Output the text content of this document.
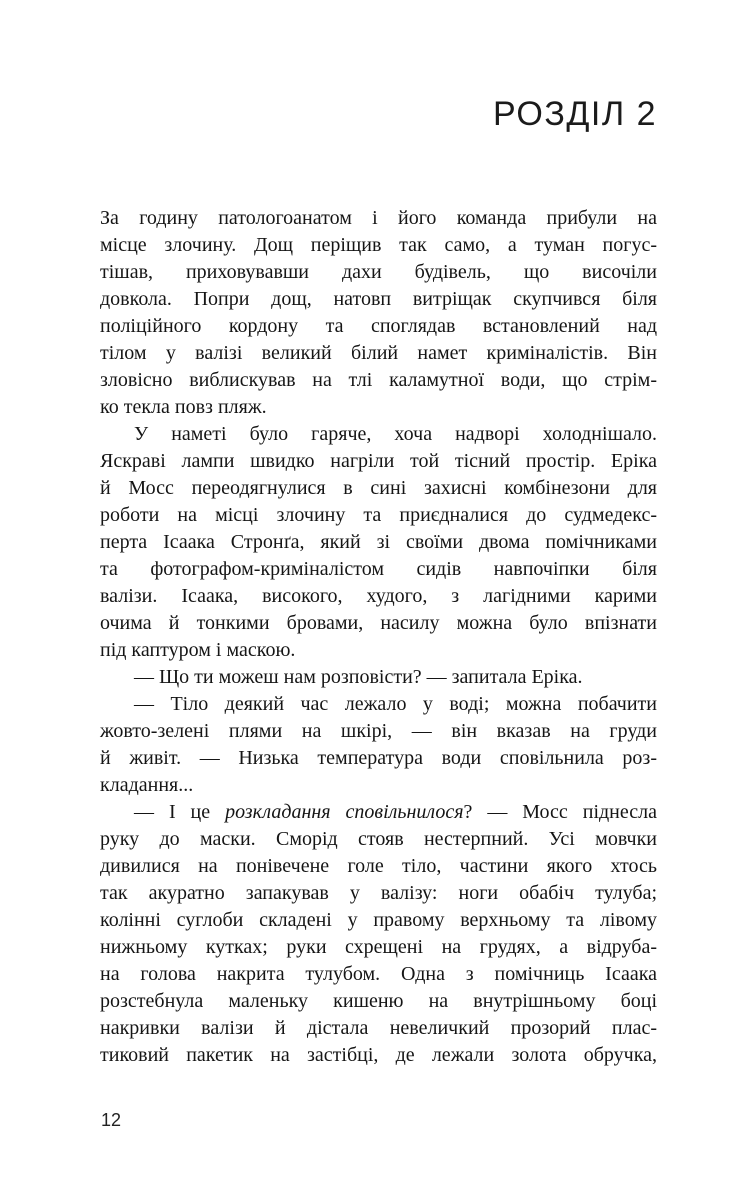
РОЗДІЛ 2
За годину патологоанатом і його команда прибули на
місце злочину. Дощ періщив так само, а туман погус-
тішав, приховувавши дахи будівель, що височіли
довкола. Попри дощ, натовп витріщак скупчився біля
поліційного кордону та споглядав встановлений над
тілом у валізі великий білий намет криміналістів. Він
зловісно виблискував на тлі каламутної води, що стрім-
ко текла повз пляж.
У наметі було гаряче, хоча надворі холоднішало.
Яскраві лампи швидко нагріли той тісний простір. Еріка
й Мосс переодягнулися в сині захисні комбінезони для
роботи на місці злочину та приєдналися до судмедекс-
перта Ісаака Стронґа, який зі своїми двома помічниками
та фотографом-криміналістом сидів навпочіпки біля
валізи. Ісаака, високого, худого, з лагідними карими
очима й тонкими бровами, насилу можна було впізнати
під каптуром і маскою.
— Що ти можеш нам розповісти? — запитала Еріка.
— Тіло деякий час лежало у воді; можна побачити
жовто-зелені плями на шкірі, — він вказав на груди
й живіт. — Низька температура води сповільнила роз-
кладання...
— І це розкладання сповільнилося? — Мосс піднесла
руку до маски. Сморід стояв нестерпний. Усі мовчки
дивилися на понівечене голе тіло, частини якого хтось
так акуратно запакував у валізу: ноги обабіч тулуба;
колінні суглоби складені у правому верхньому та лівому
нижньому кутках; руки схрещені на грудях, а відруба-
на голова накрита тулубом. Одна з помічниць Ісаака
розстебнула маленьку кишеню на внутрішньому боці
накривки валізи й дістала невеличкий прозорий плас-
тиковий пакетик на застібці, де лежали золота обручка,
12
